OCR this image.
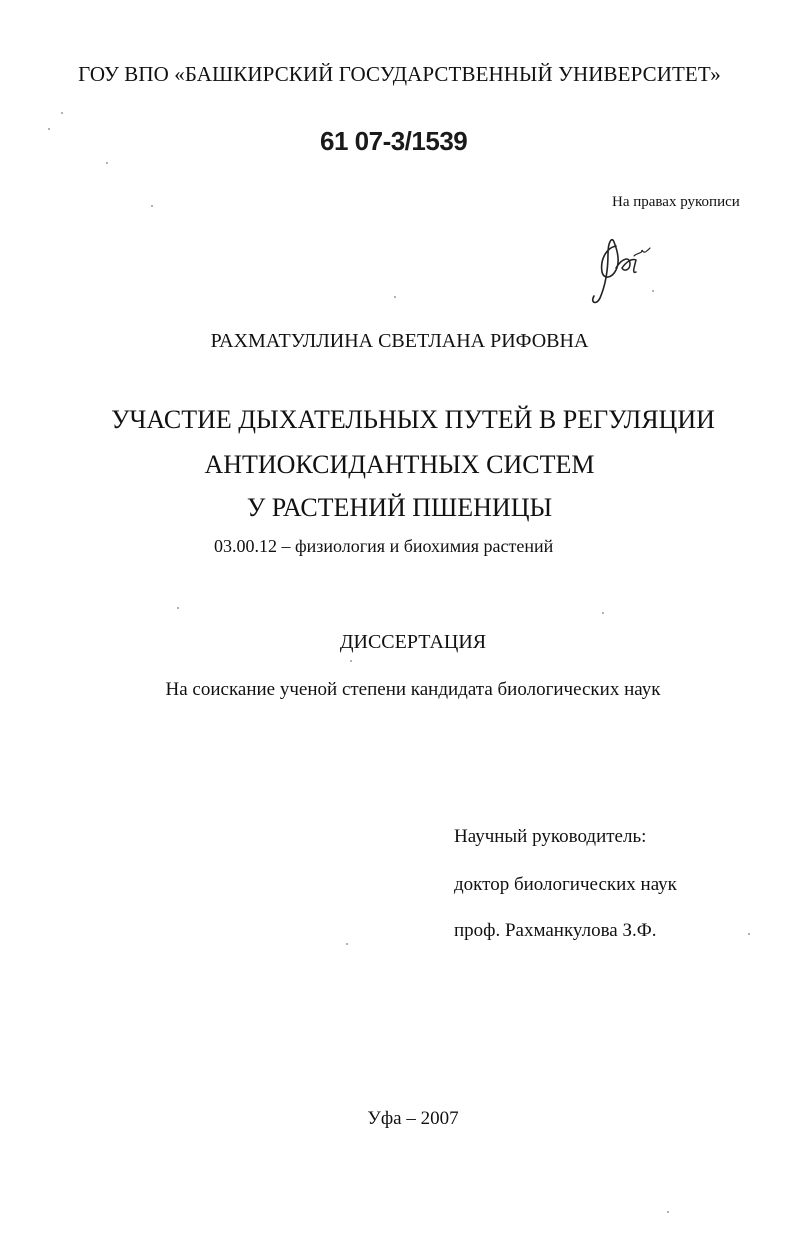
ГОУ ВПО «БАШКИРСКИЙ ГОСУДАРСТВЕННЫЙ УНИВЕРСИТЕТ»
61 07-3/1539
На правах рукописи
РАХМАТУЛЛИНА СВЕТЛАНА РИФОВНА
УЧАСТИЕ ДЫХАТЕЛЬНЫХ ПУТЕЙ В РЕГУЛЯЦИИ
АНТИОКСИДАНТНЫХ СИСТЕМ
У РАСТЕНИЙ ПШЕНИЦЫ
03.00.12 – физиология и биохимия растений
ДИССЕРТАЦИЯ
На соискание ученой степени кандидата биологических наук
Научный руководитель:
доктор биологических наук
проф. Рахманкулова З.Ф.
Уфа – 2007
